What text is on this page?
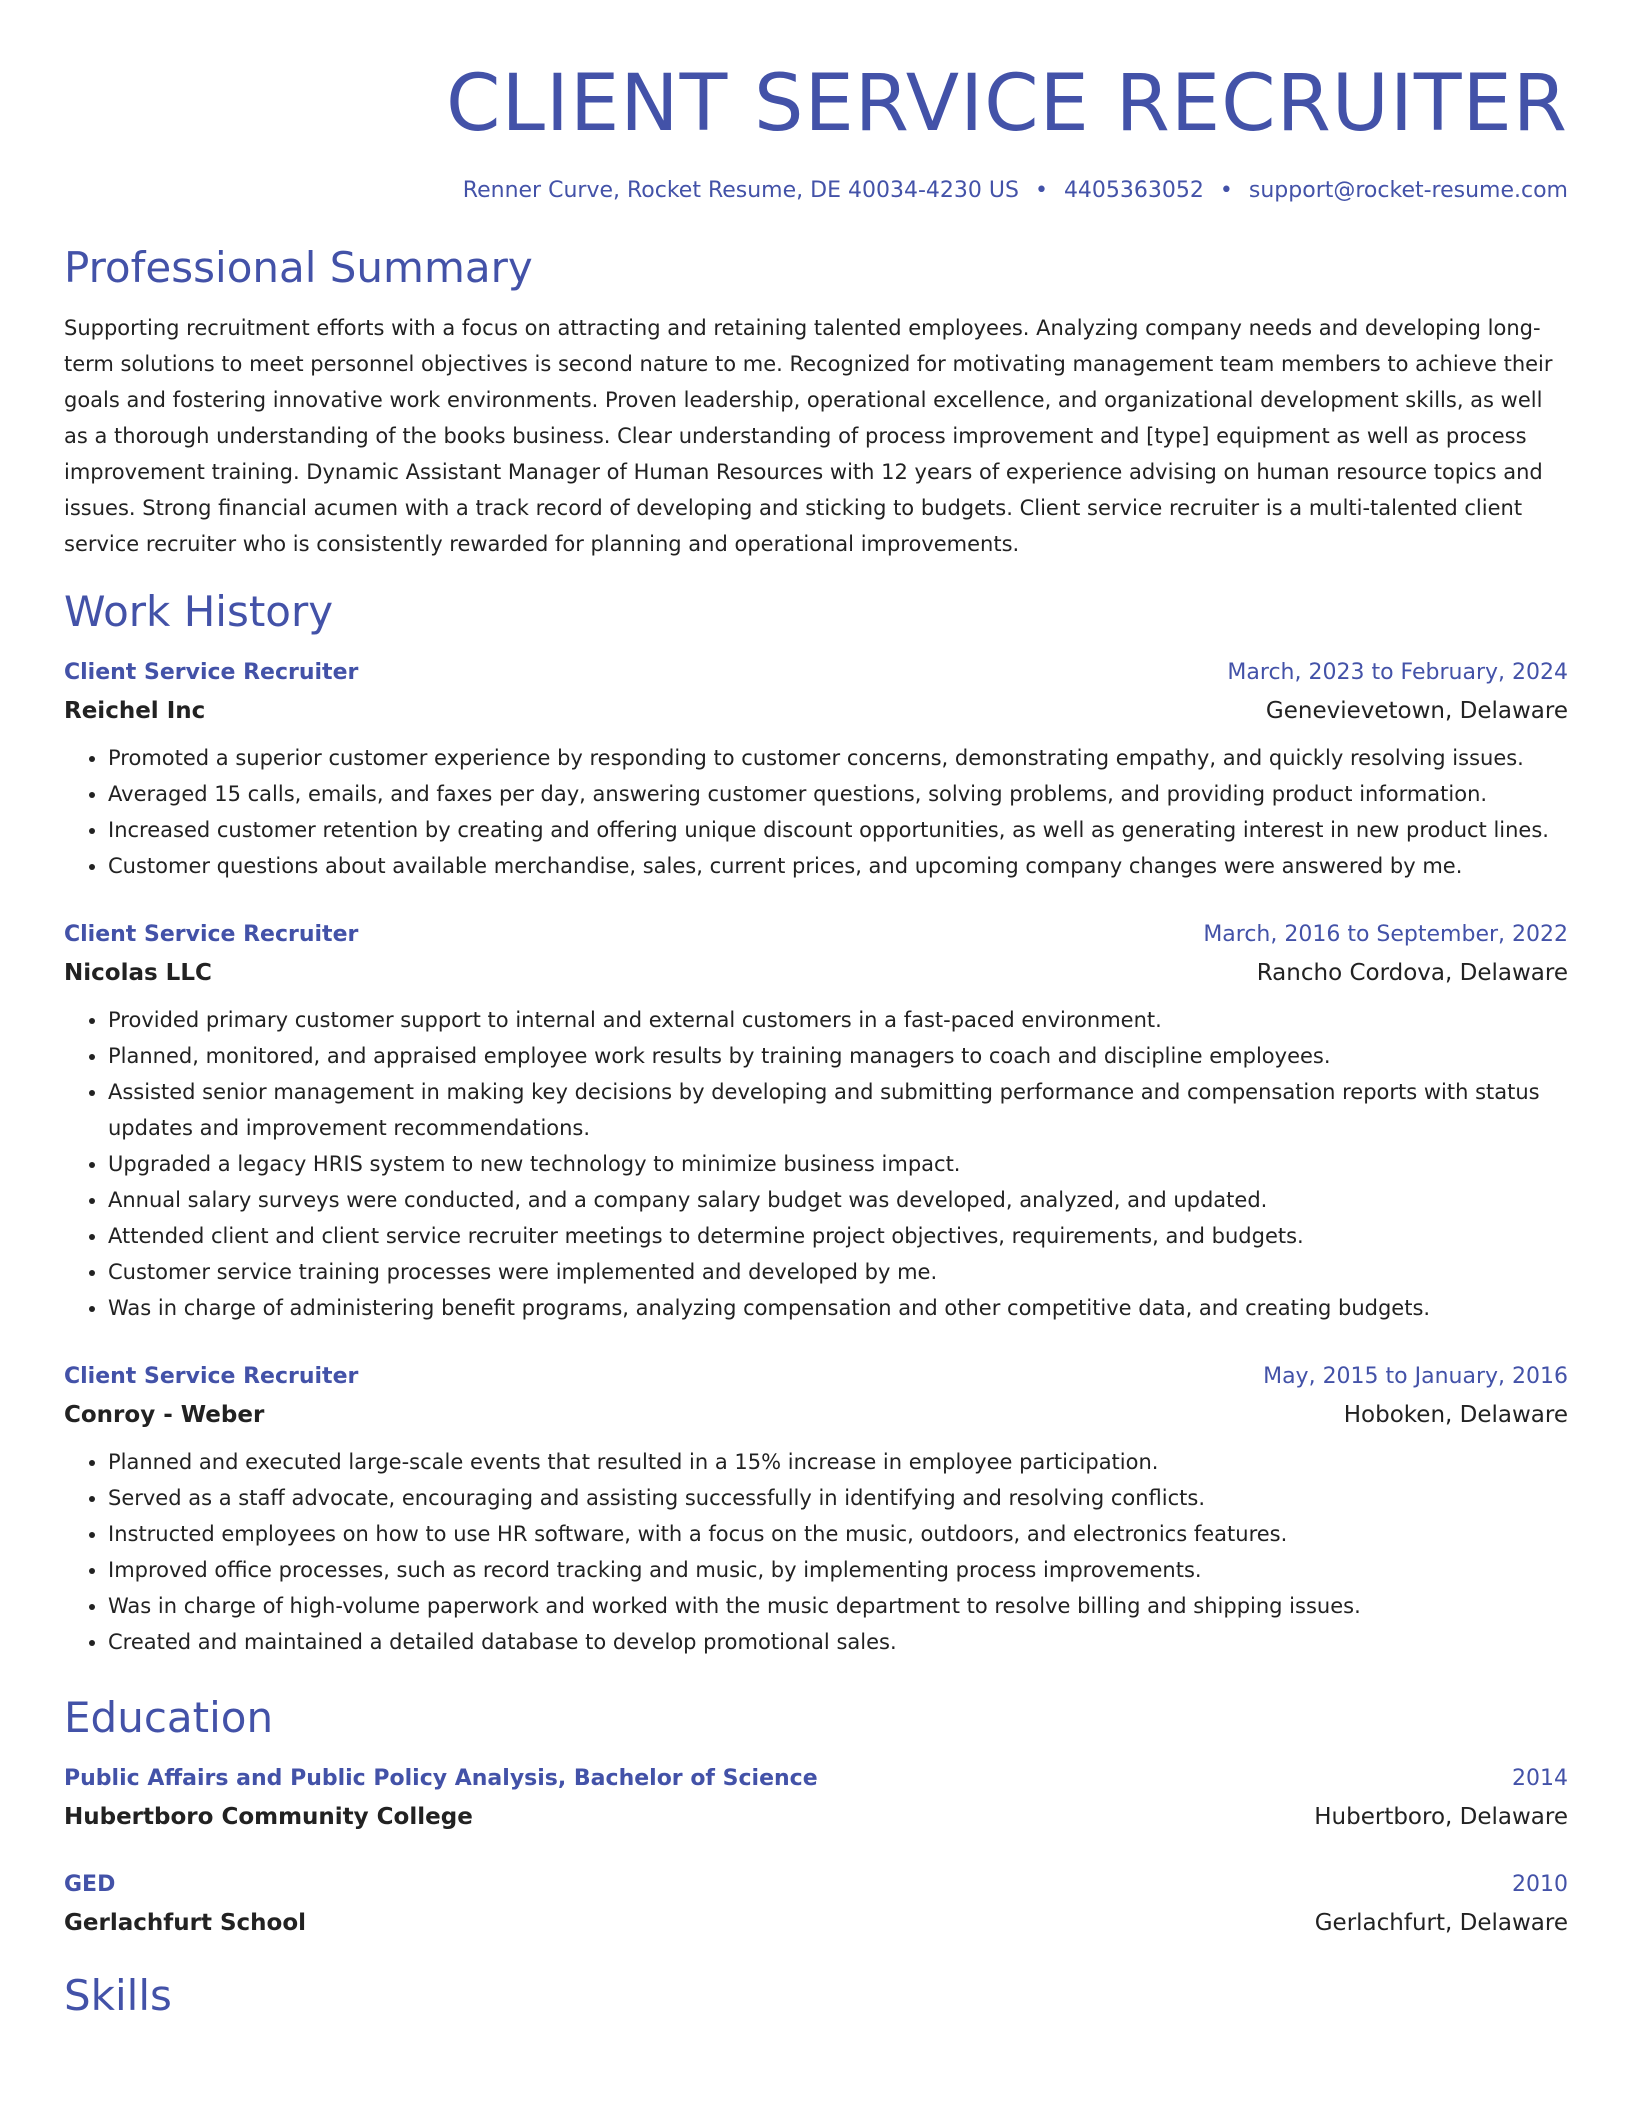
CLIENT SERVICE RECRUITER
Renner Curve, Rocket Resume, DE 40034-4230 US • 4405363052 • support@rocket-resume.com
Professional Summary

Supporting recruitment efforts with a focus on attracting and retaining talented employees. Analyzing company needs and developing long-term solutions to meet personnel objectives is second nature to me. Recognized for motivating management team members to achieve their goals and fostering innovative work environments. Proven leadership, operational excellence, and organizational development skills, as well as a thorough understanding of the books business. Clear understanding of process improvement and [type] equipment as well as process improvement training. Dynamic Assistant Manager of Human Resources with 12 years of experience advising on human resource topics and issues. Strong financial acumen with a track record of developing and sticking to budgets. Client service recruiter is a multi-talented client service recruiter who is consistently rewarded for planning and operational improvements.

Work History
Client Service Recruiter	March, 2023 to February, 2024
Reichel Inc	Genevievetown, Delaware
• Promoted a superior customer experience by responding to customer concerns, demonstrating empathy, and quickly resolving issues.
• Averaged 15 calls, emails, and faxes per day, answering customer questions, solving problems, and providing product information.
• Increased customer retention by creating and offering unique discount opportunities, as well as generating interest in new product lines.
• Customer questions about available merchandise, sales, current prices, and upcoming company changes were answered by me.
Client Service Recruiter	March, 2016 to September, 2022
Nicolas LLC	Rancho Cordova, Delaware
• Provided primary customer support to internal and external customers in a fast-paced environment.
• Planned, monitored, and appraised employee work results by training managers to coach and discipline employees.
• Assisted senior management in making key decisions by developing and submitting performance and compensation reports with status updates and improvement recommendations.
• Upgraded a legacy HRIS system to new technology to minimize business impact.
• Annual salary surveys were conducted, and a company salary budget was developed, analyzed, and updated.
• Attended client and client service recruiter meetings to determine project objectives, requirements, and budgets.
• Customer service training processes were implemented and developed by me.
• Was in charge of administering benefit programs, analyzing compensation and other competitive data, and creating budgets.
Client Service Recruiter	May, 2015 to January, 2016
Conroy - Weber	Hoboken, Delaware
• Planned and executed large-scale events that resulted in a 15% increase in employee participation.
• Served as a staff advocate, encouraging and assisting successfully in identifying and resolving conflicts.
• Instructed employees on how to use HR software, with a focus on the music, outdoors, and electronics features.
• Improved office processes, such as record tracking and music, by implementing process improvements.
• Was in charge of high-volume paperwork and worked with the music department to resolve billing and shipping issues.
• Created and maintained a detailed database to develop promotional sales.
Education
Public Affairs and Public Policy Analysis, Bachelor of Science	2014
Hubertboro Community College	Hubertboro, Delaware
GED	2010
Gerlachfurt School	Gerlachfurt, Delaware
Skills
